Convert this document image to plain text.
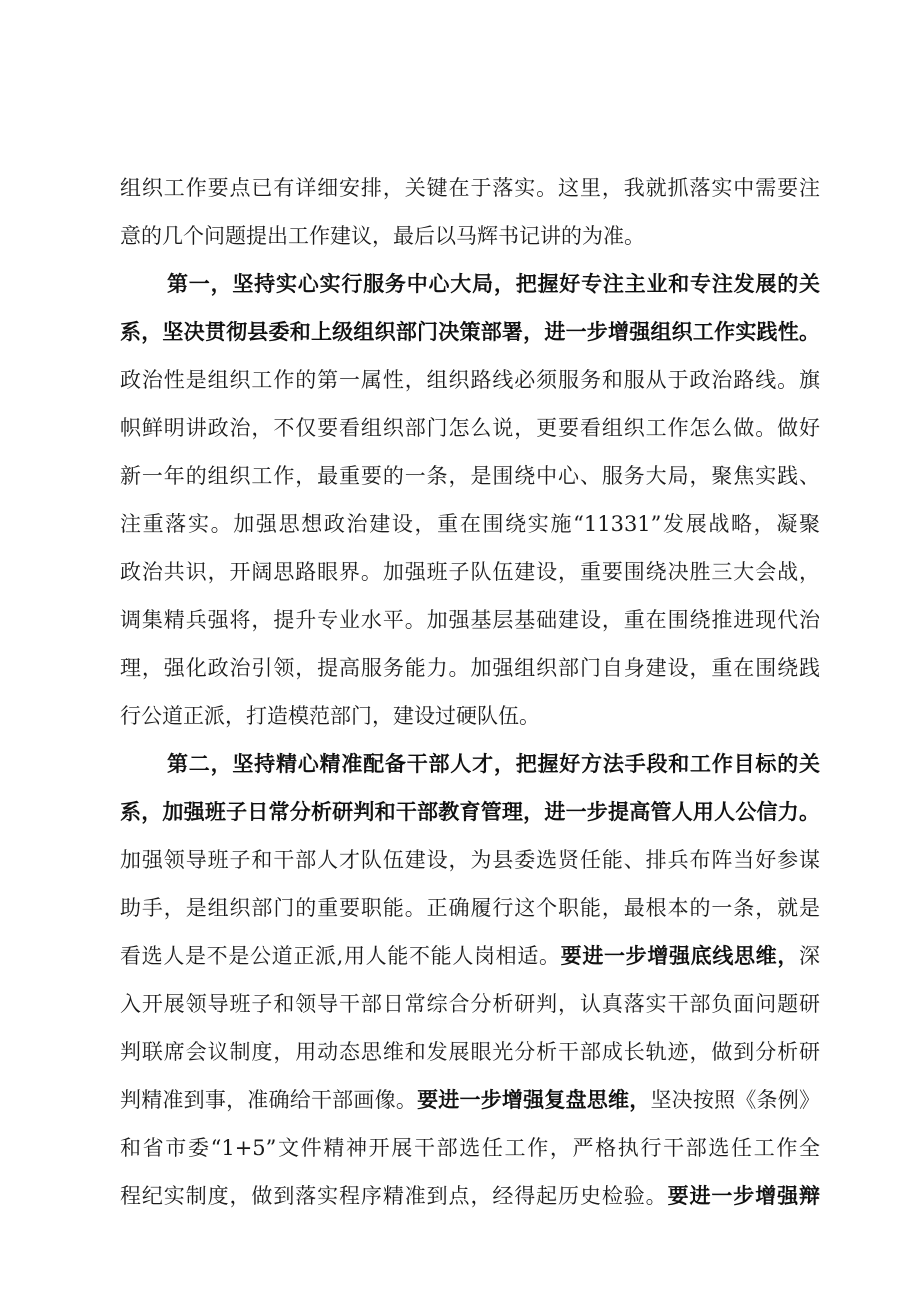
组织工作要点已有详细安排，关键在于落实。这里，我就抓落实中需要注
意的几个问题提出工作建议，最后以马辉书记讲的为准。
第一，坚持实心实行服务中心大局，把握好专注主业和专注发展的关
系，坚决贯彻县委和上级组织部门决策部署，进一步增强组织工作实践性。
政治性是组织工作的第一属性，组织路线必须服务和服从于政治路线。旗
帜鲜明讲政治，不仅要看组织部门怎么说，更要看组织工作怎么做。做好
新一年的组织工作，最重要的一条，是围绕中心、服务大局，聚焦实践、
注重落实。加强思想政治建设，重在围绕实施“11331”发展战略，凝聚
政治共识，开阔思路眼界。加强班子队伍建设，重要围绕决胜三大会战，
调集精兵强将，提升专业水平。加强基层基础建设，重在围绕推进现代治
理，强化政治引领，提高服务能力。加强组织部门自身建设，重在围绕践
行公道正派，打造模范部门，建设过硬队伍。
第二，坚持精心精准配备干部人才，把握好方法手段和工作目标的关
系，加强班子日常分析研判和干部教育管理，进一步提高管人用人公信力。
加强领导班子和干部人才队伍建设，为县委选贤任能、排兵布阵当好参谋
助手，是组织部门的重要职能。正确履行这个职能，最根本的一条，就是
看选人是不是公道正派,用人能不能人岗相适。要进一步增强底线思维，深
入开展领导班子和领导干部日常综合分析研判，认真落实干部负面问题研
判联席会议制度，用动态思维和发展眼光分析干部成长轨迹，做到分析研
判精准到事，准确给干部画像。要进一步增强复盘思维，坚决按照《条例》
和省市委“1+5”文件精神开展干部选任工作，严格执行干部选任工作全
程纪实制度，做到落实程序精准到点，经得起历史检验。要进一步增强辩
